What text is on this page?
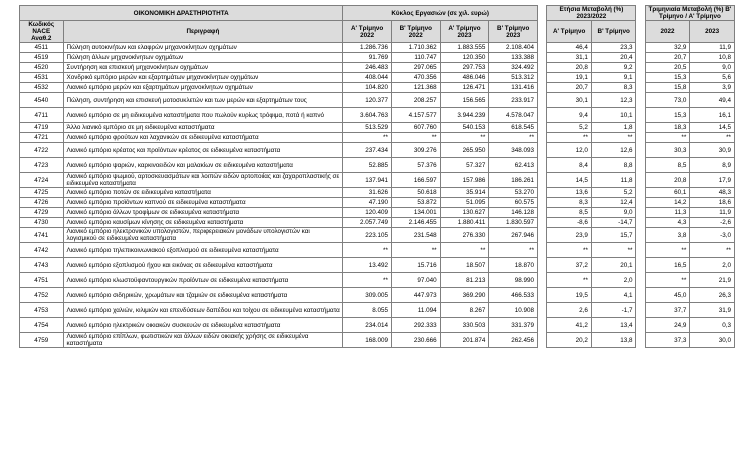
ΟΙΚΟΝΟΜΙΚΗ ΔΡΑΣΤΗΡΙΟΤΗΤΑ		Κύκλος Εργασιών (σε χιλ. ευρώ)					Ετήσια Μεταβολή (%) 2023/2022			Τριμηνιαία Μεταβολή (%) Β' Τρίμηνο / Α' Τρίμηνο	
Κωδικός NACE Αναθ.2	Περιγραφή	Α' Τρίμηνο 2022	Β' Τρίμηνο 2022	Α' Τρίμηνο 2023	Β' Τρίμηνο 2023		Α' Τρίμηνο	Β' Τρίμηνο		2022	2023
4511	Πώληση αυτοκινήτων και ελαφρών μηχανοκίνητων οχημάτων	1.286.736	1.710.362	1.883.555	2.108.404		46,4	23,3		32,9	11,9
4519	Πώληση άλλων μηχανοκίνητων οχημάτων	91.769	110.747	120.350	133.388		31,1	20,4		20,7	10,8
4520	Συντήρηση και επισκευή μηχανοκίνητων οχημάτων	246.483	297.065	297.753	324.492		20,8	9,2		20,5	9,0
4531	Χονδρικό εμπόριο μερών και εξαρτημάτων μηχανοκίνητων οχημάτων	408.044	470.356	486.046	513.312		19,1	9,1		15,3	5,6
4532	Λιανικό εμπόριο μερών και εξαρτημάτων μηχανοκίνητων οχημάτων	104.820	121.368	126.471	131.416		20,7	8,3		15,8	3,9
4540	Πώληση, συντήρηση και επισκευή μοτοσυκλετών και των μερών και εξαρτημάτων τους	120.377	208.257	156.565	233.917		30,1	12,3		73,0	49,4
4711	Λιανικό εμπόριο σε μη ειδικευμένα καταστήματα που πωλούν κυρίως τρόφιμα, ποτά ή καπνό	3.604.763	4.157.577	3.944.239	4.578.047		9,4	10,1		15,3	16,1
4719	Άλλο λιανικό εμπόριο σε μη ειδικευμένα καταστήματα	513.529	607.760	540.153	618.545		5,2	1,8		18,3	14,5
4721	Λιανικό εμπόριο φρούτων και λαχανικών σε ειδικευμένα καταστήματα	**	**	**	**		**	**		**	**
4722	Λιανικό εμπόριο κρέατος και προϊόντων κρέατος σε ειδικευμένα καταστήματα	237.434	309.276	265.950	348.093		12,0	12,6		30,3	30,9
4723	Λιανικό εμπόριο ψαριών, καρκινοειδών και μαλακίων σε ειδικευμένα καταστήματα	52.885	57.376	57.327	62.413		8,4	8,8		8,5	8,9
4724	Λιανικό εμπόριο ψωμιού, αρτοσκευασμάτων και λοιπών ειδών αρτοποιίας και ζαχαροπλαστικής σε ειδικευμένα καταστήματα	137.941	166.597	157.986	186.261		14,5	11,8		20,8	17,9
4725	Λιανικό εμπόριο ποτών σε ειδικευμένα καταστήματα	31.626	50.618	35.914	53.270		13,6	5,2		60,1	48,3
4726	Λιανικό εμπόριο προϊόντων καπνού σε ειδικευμένα καταστήματα	47.190	53.872	51.095	60.575		8,3	12,4		14,2	18,6
4729	Λιανικό εμπόριο άλλων τροφίμων σε ειδικευμένα καταστήματα	120.409	134.001	130.627	146.128		8,5	9,0		11,3	11,9
4730	Λιανικό εμπόριο καυσίμων κίνησης σε ειδικευμένα καταστήματα	2.057.749	2.146.455	1.880.411	1.830.597		-8,6	-14,7		4,3	-2,6
4741	Λιανικό εμπόριο ηλεκτρονικών υπολογιστών, περιφερειακών μονάδων υπολογιστών και λογισμικού σε ειδικευμένα καταστήματα	223.105	231.548	276.330	267.946		23,9	15,7		3,8	-3,0
4742	Λιανικό εμπόριο τηλεπικοινωνιακού εξοπλισμού σε ειδικευμένα καταστήματα	**	**	**	**		**	**		**	**
4743	Λιανικό εμπόριο εξοπλισμού ήχου και εικόνας σε ειδικευμένα καταστήματα	13.492	15.716	18.507	18.870		37,2	20,1		16,5	2,0
4751	Λιανικό εμπόριο κλωστοϋφαντουργικών προϊόντων σε ειδικευμένα καταστήματα	**	97.040	81.213	98.990		**	2,0		**	21,9
4752	Λιανικό εμπόριο σιδηρικών, χρωμάτων και τζαμιών σε ειδικευμένα καταστήματα	309.005	447.973	369.290	466.533		19,5	4,1		45,0	26,3
4753	Λιανικό εμπόριο χαλιών, κιλιμιών και επενδύσεων δαπέδου και τοίχου σε ειδικευμένα καταστήματα	8.055	11.094	8.267	10.908		2,6	-1,7		37,7	31,9
4754	Λιανικό εμπόριο ηλεκτρικών οικιακών συσκευών σε ειδικευμένα καταστήματα	234.014	292.333	330.503	331.379		41,2	13,4		24,9	0,3
4759	Λιανικό εμπόριο επίπλων, φωτιστικών και άλλων ειδών οικιακής χρήσης σε ειδικευμένα καταστήματα	168.009	230.666	201.874	262.456		20,2	13,8		37,3	30,0
